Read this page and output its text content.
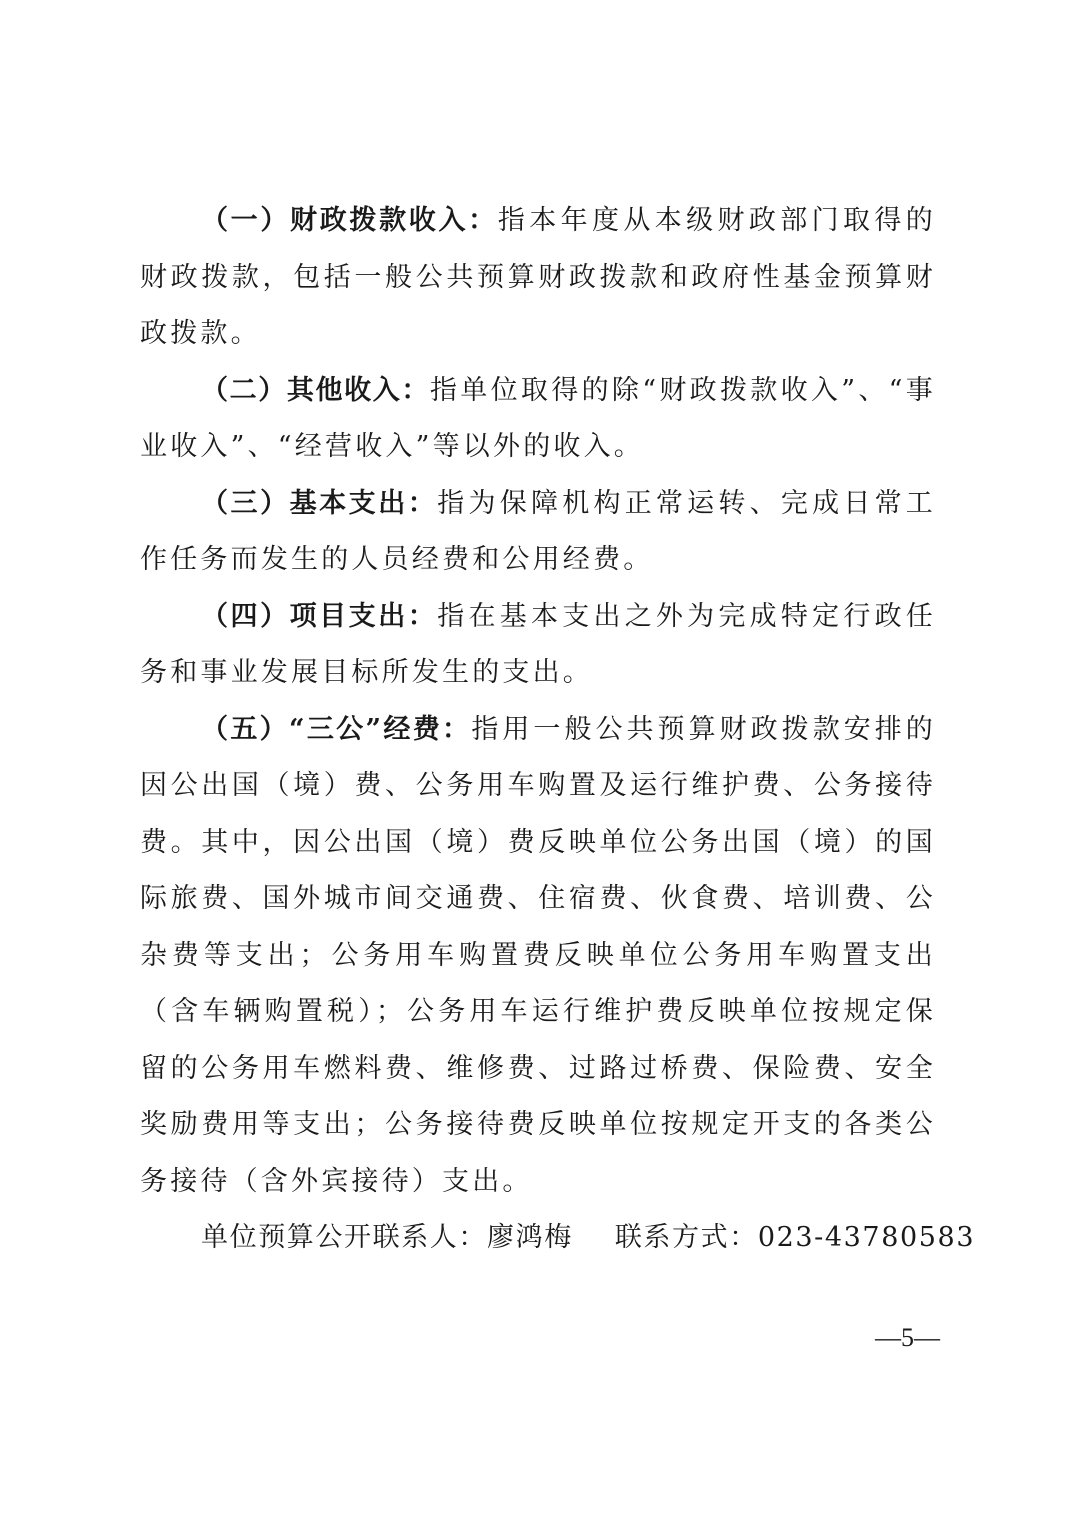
（一）财政拨款收入：指本年度从本级财政部门取得的财政拨款，包括一般公共预算财政拨款和政府性基金预算财政拨款。

（二）其他收入：指单位取得的除“财政拨款收入”、“事业收入”、“经营收入”等以外的收入。

（三）基本支出：指为保障机构正常运转、完成日常工作任务而发生的人员经费和公用经费。

（四）项目支出：指在基本支出之外为完成特定行政任务和事业发展目标所发生的支出。

（五）“三公”经费：指用一般公共预算财政拨款安排的因公出国（境）费、公务用车购置及运行维护费、公务接待费。其中，因公出国（境）费反映单位公务出国（境）的国际旅费、国外城市间交通费、住宿费、伙食费、培训费、公杂费等支出；公务用车购置费反映单位公务用车购置支出（含车辆购置税）；公务用车运行维护费反映单位按规定保留的公务用车燃料费、维修费、过路过桥费、保险费、安全奖励费用等支出；公务接待费反映单位按规定开支的各类公务接待（含外宾接待）支出。

单位预算公开联系人：廖鸿梅 联系方式：023-43780583

—5—
